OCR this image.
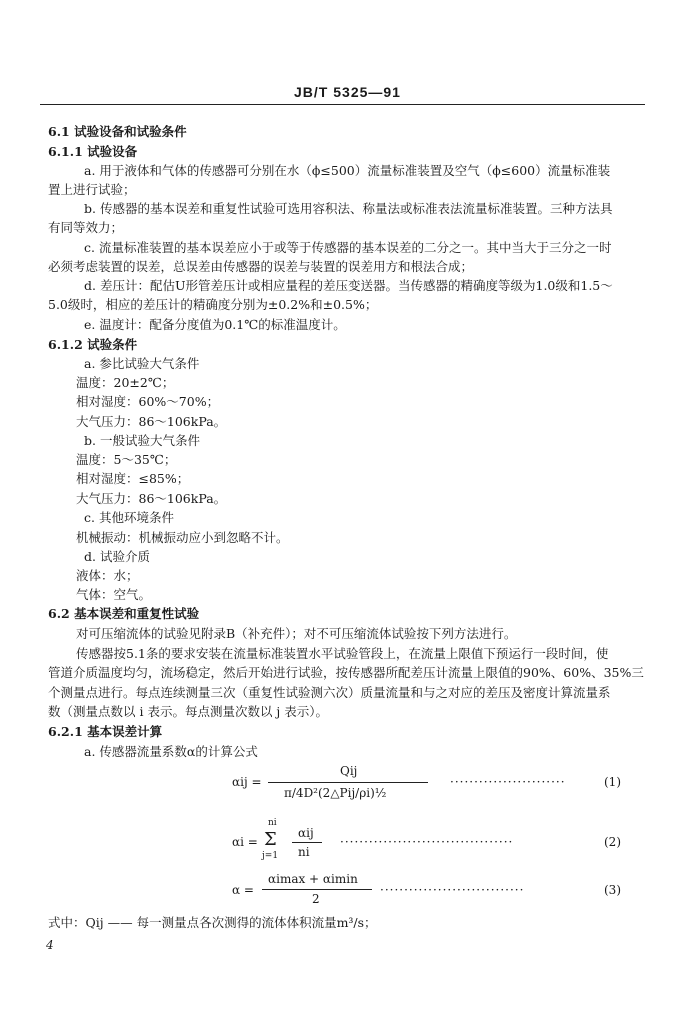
JB/T 5325—91
6.1 试验设备和试验条件
6.1.1 试验设备
a. 用于液体和气体的传感器可分别在水（ϕ≤500）流量标准装置及空气（ϕ≤600）流量标准装
置上进行试验；
b. 传感器的基本误差和重复性试验可选用容积法、称量法或标准表法流量标准装置。三种方法具
有同等效力；
c. 流量标准装置的基本误差应小于或等于传感器的基本误差的二分之一。其中当大于三分之一时
必须考虑装置的误差，总误差由传感器的误差与装置的误差用方和根法合成；
d. 差压计：配估U形管差压计或相应量程的差压变送器。当传感器的精确度等级为1.0级和1.5～
5.0级时，相应的差压计的精确度分别为±0.2%和±0.5%；
e. 温度计：配备分度值为0.1℃的标准温度计。
6.1.2 试验条件
a. 参比试验大气条件
温度：20±2℃；
相对湿度：60%～70%；
大气压力：86～106kPa。
b. 一般试验大气条件
温度：5～35℃；
相对湿度：≤85%；
大气压力：86～106kPa。
c. 其他环境条件
机械振动：机械振动应小到忽略不计。
d. 试验介质
液体：水；
气体：空气。
6.2 基本误差和重复性试验
对可压缩流体的试验见附录B（补充件）；对不可压缩流体试验按下列方法进行。
传感器按5.1条的要求安装在流量标准装置水平试验管段上，在流量上限值下预运行一段时间，使
管道介质温度均匀，流场稳定，然后开始进行试验，按传感器所配差压计流量上限值的90%、60%、35%三
个测量点进行。每点连续测量三次（重复性试验测六次）质量流量和与之对应的差压及密度计算流量系
数（测量点数以 i 表示。每点测量次数以 j 表示）。
6.2.1 基本误差计算
a. 传感器流量系数α的计算公式
αij =
Qij
π/4D²(2△Pij/ρi)½
························	(1)
αi =
ni
Σ
j=1
αij
ni
····································	(2)
α =
αimax + αimin
2
······························	(3)
式中：Qij —— 每一测量点各次测得的流体体积流量m³/s；
4
